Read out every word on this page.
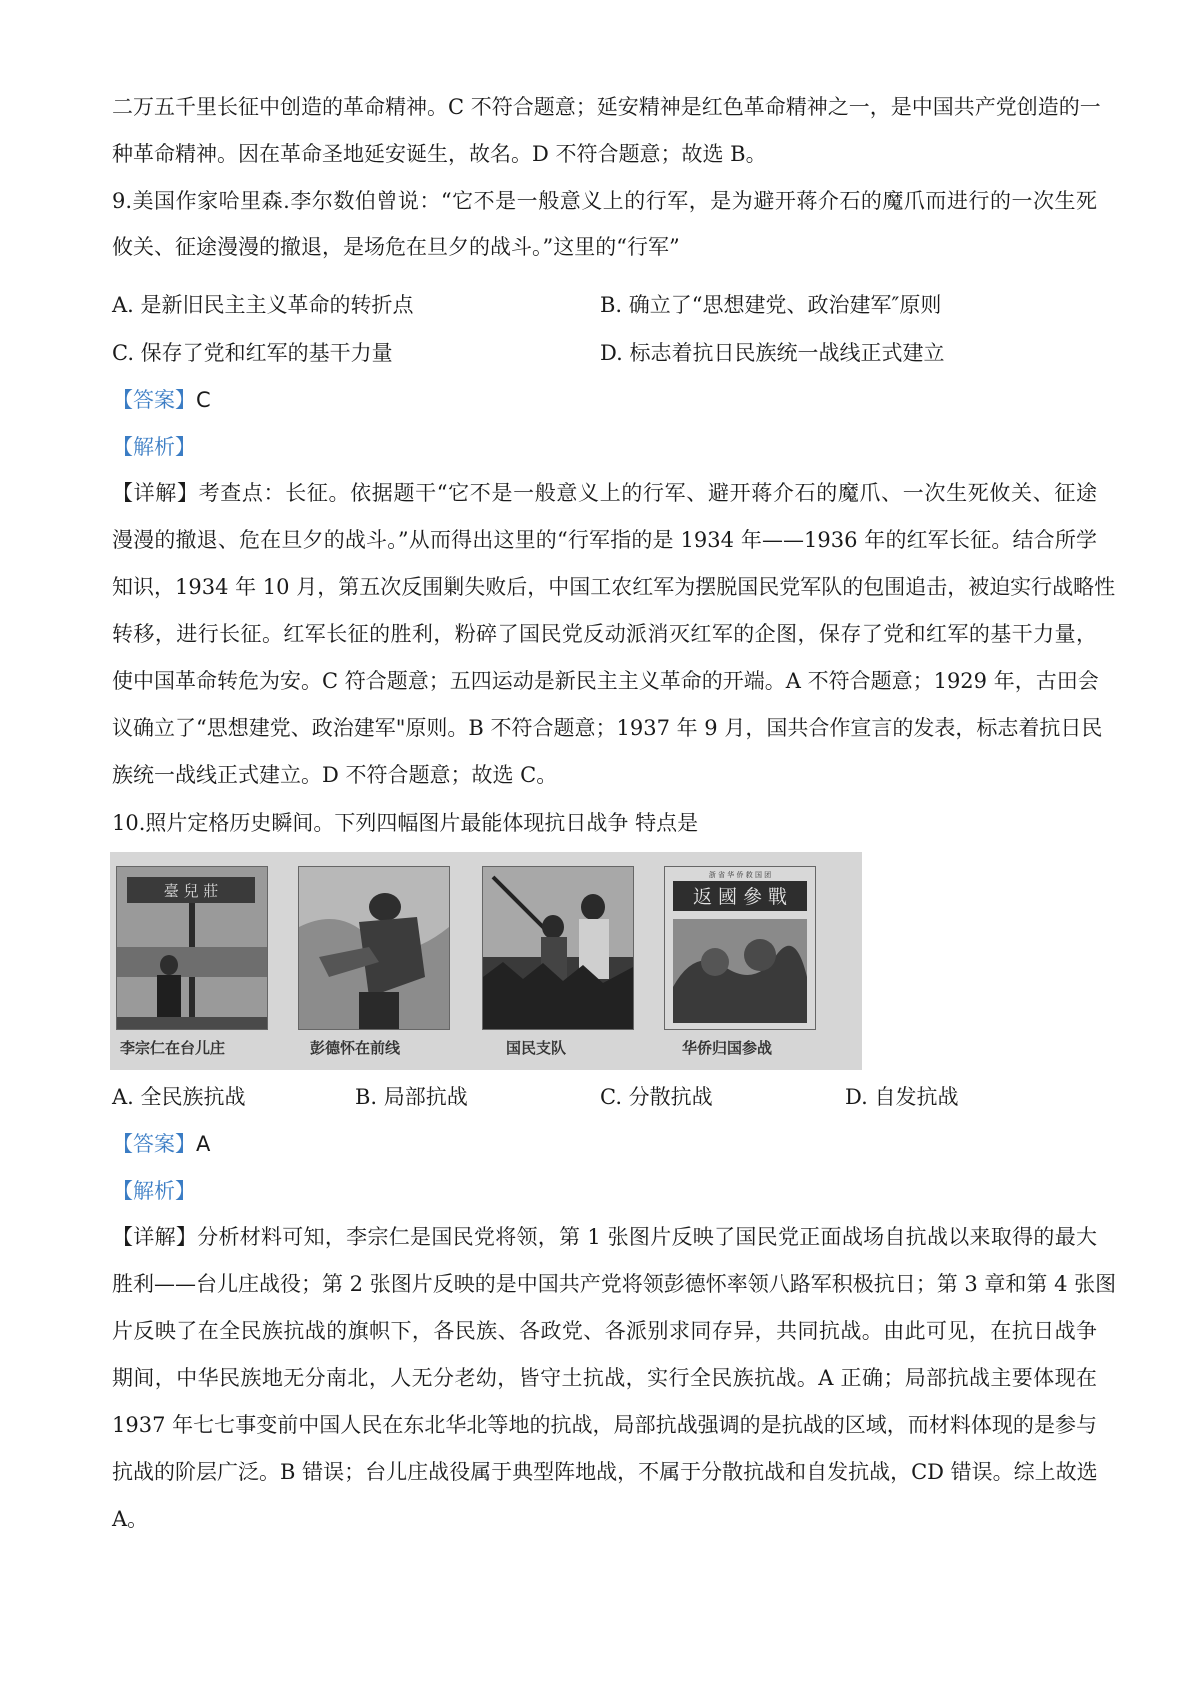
二万五千里长征中创造的革命精神。C 不符合题意；延安精神是红色革命精神之一，是中国共产党创造的一
种革命精神。因在革命圣地延安诞生，故名。D 不符合题意；故选 B。
9.美国作家哈里森.李尔数伯曾说：“它不是一般意义上的行军，是为避开蒋介石的魔爪而进行的一次生死
攸关、征途漫漫的撤退，是场危在旦夕的战斗。”这里的“行军”
A. 是新旧民主主义革命的转折点	B. 确立了“思想建党、政治建军″原则
C. 保存了党和红军的基干力量	D. 标志着抗日民族统一战线正式建立
【答案】C
【解析】
【详解】考查点：长征。依据题干“它不是一般意义上的行军、避开蒋介石的魔爪、一次生死攸关、征途
漫漫的撤退、危在旦夕的战斗。”从而得出这里的“行军指的是 1934 年——1936 年的红军长征。结合所学
知识，1934 年 10 月，第五次反围剿失败后，中国工农红军为摆脱国民党军队的包围追击，被迫实行战略性
转移，进行长征。红军长征的胜利，粉碎了国民党反动派消灭红军的企图，保存了党和红军的基干力量，
使中国革命转危为安。C 符合题意；五四运动是新民主主义革命的开端。A 不符合题意；1929 年，古田会
议确立了“思想建党、政治建军"原则。B 不符合题意；1937 年 9 月，国共合作宣言的发表，标志着抗日民
族统一战线正式建立。D 不符合题意；故选 C。
10.照片定格历史瞬间。下列四幅图片最能体现抗日战争 特点是
臺 兒 莊
李宗仁在台儿庄	彭德怀在前线	国民支队
浙 省 华 侨 救 国 团
返 國 參 戰
华侨归国参战
A. 全民族抗战	B. 局部抗战	C. 分散抗战	D. 自发抗战
【答案】A
【解析】
【详解】分析材料可知，李宗仁是国民党将领，第 1 张图片反映了国民党正面战场自抗战以来取得的最大
胜利——台儿庄战役；第 2 张图片反映的是中国共产党将领彭德怀率领八路军积极抗日；第 3 章和第 4 张图
片反映了在全民族抗战的旗帜下，各民族、各政党、各派别求同存异，共同抗战。由此可见，在抗日战争
期间，中华民族地无分南北，人无分老幼，皆守土抗战，实行全民族抗战。A 正确；局部抗战主要体现在
1937 年七七事变前中国人民在东北华北等地的抗战，局部抗战强调的是抗战的区域，而材料体现的是参与
抗战的阶层广泛。B 错误；台儿庄战役属于典型阵地战，不属于分散抗战和自发抗战，CD 错误。综上故选
A。
